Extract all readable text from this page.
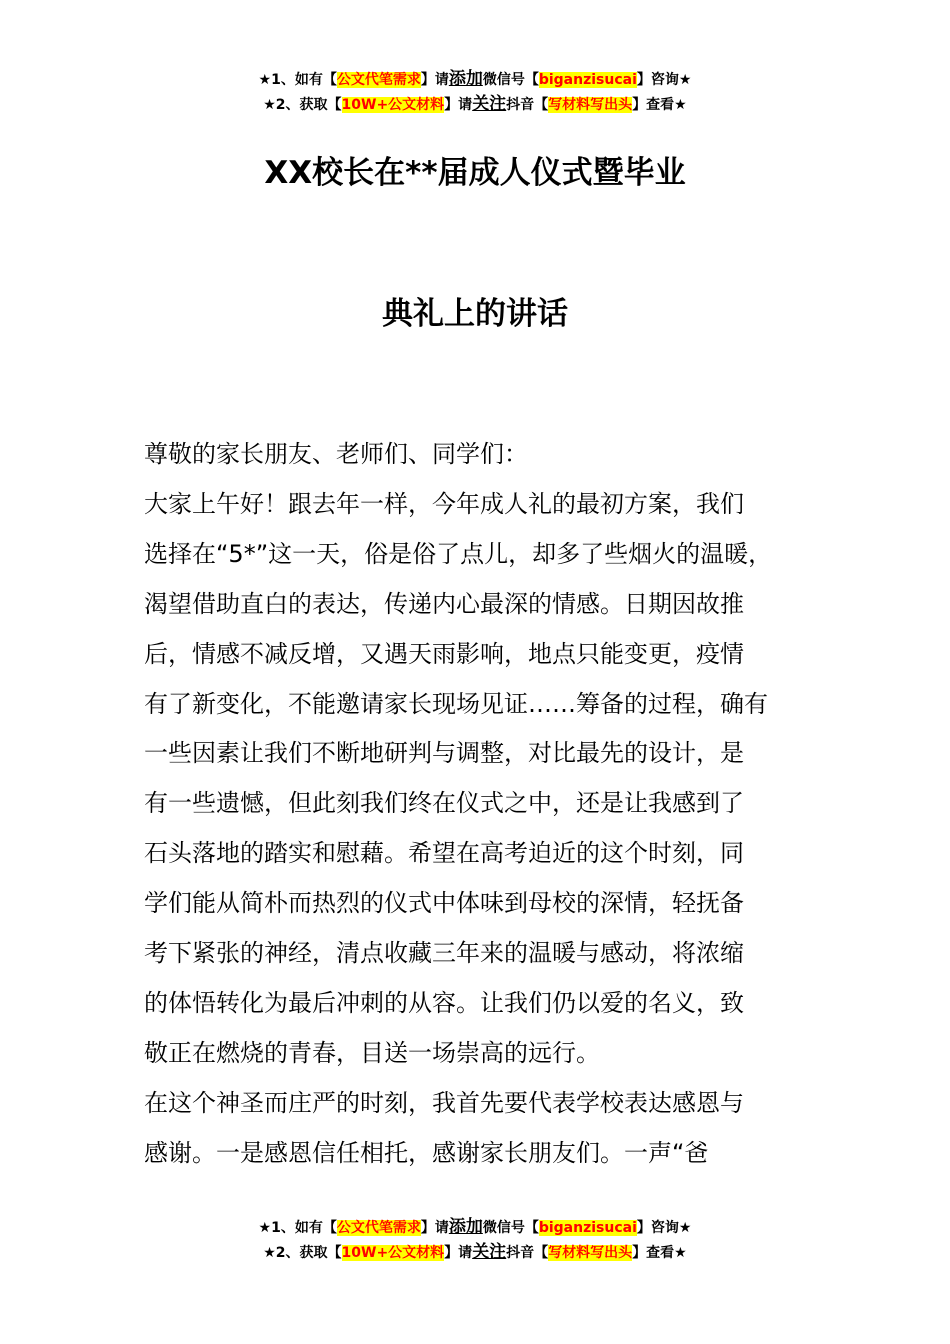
★1、如有【公文代笔需求】请添加微信号【biganzisucai】咨询★
★2、获取【10W+公文材料】请关注抖音【写材料写出头】查看★
XX校长在**届成人仪式暨毕业
典礼上的讲话

尊敬的家长朋友、老师们、同学们：

大家上午好！跟去年一样，今年成人礼的最初方案，我们

选择在“5*”这一天，俗是俗了点儿，却多了些烟火的温暖，

渴望借助直白的表达，传递内心最深的情感。日期因故推

后，情感不减反增，又遇天雨影响，地点只能变更，疫情

有了新变化，不能邀请家长现场见证……筹备的过程，确有

一些因素让我们不断地研判与调整，对比最先的设计，是

有一些遗憾，但此刻我们终在仪式之中，还是让我感到了

石头落地的踏实和慰藉。希望在高考迫近的这个时刻，同

学们能从简朴而热烈的仪式中体味到母校的深情，轻抚备

考下紧张的神经，清点收藏三年来的温暖与感动，将浓缩

的体悟转化为最后冲刺的从容。让我们仍以爱的名义，致

敬正在燃烧的青春，目送一场崇高的远行。

在这个神圣而庄严的时刻，我首先要代表学校表达感恩与

感谢。一是感恩信任相托，感谢家长朋友们。一声“爸

★1、如有【公文代笔需求】请添加微信号【biganzisucai】咨询★
★2、获取【10W+公文材料】请关注抖音【写材料写出头】查看★
